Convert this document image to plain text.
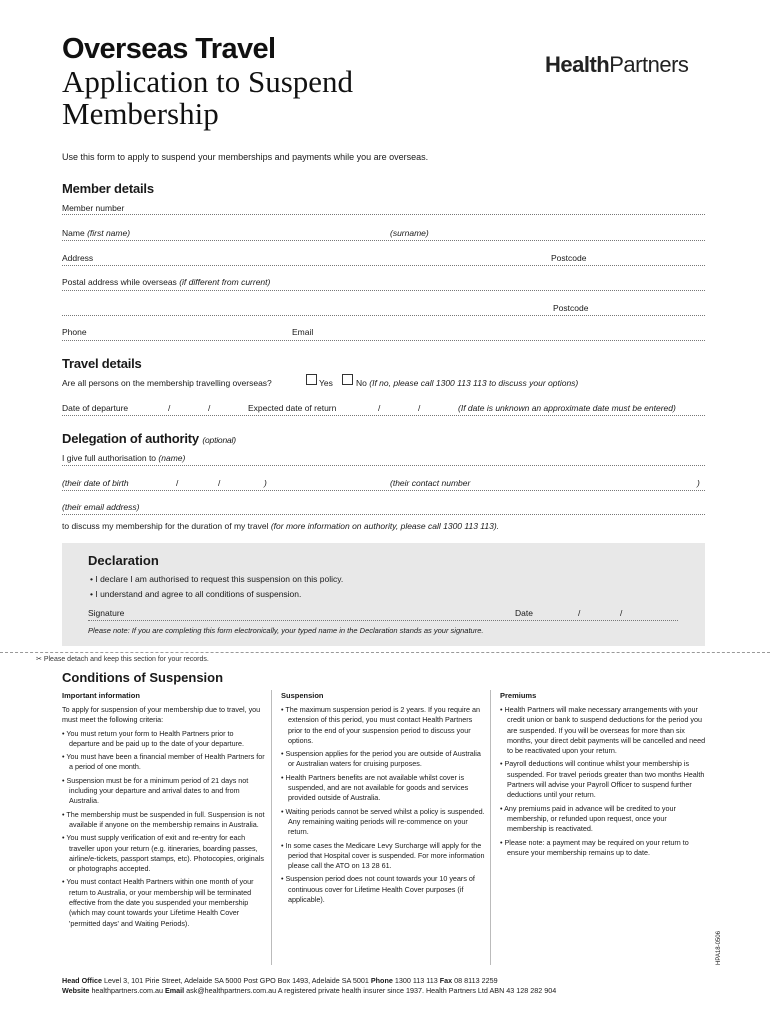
Overseas Travel
Application to Suspend Membership
HealthPartners
Use this form to apply to suspend your memberships and payments while you are overseas.
Member details
Member number
Name (first name)	(surname)
Address	Postcode
Postal address while overseas (if different from current)
Postcode
Phone	Email
Travel details
Are all persons on the membership travelling overseas?	Yes	No (If no, please call 1300 113 113 to discuss your options)
Date of departure	/	/	Expected date of return	/	/	(If date is unknown an approximate date must be entered)
Delegation of authority (optional)
I give full authorisation to (name)
(their date of birth	/	/	)	(their contact number	)
(their email address)
to discuss my membership for the duration of my travel (for more information on authority, please call 1300 113 113).
Declaration
• I declare I am authorised to request this suspension on this policy.
• I understand and agree to all conditions of suspension.
Signature	Date	/	/
Please note: If you are completing this form electronically, your typed name in the Declaration stands as your signature.
✂ Please detach and keep this section for your records.
Conditions of Suspension
Important information

To apply for suspension of your membership due to travel, you must meet the following criteria:

• You must return your form to Health Partners prior to departure and be paid up to the date of your departure.

• You must have been a financial member of Health Partners for a period of one month.

• Suspension must be for a minimum period of 21 days not including your departure and arrival dates to and from Australia.

• The membership must be suspended in full. Suspension is not available if anyone on the membership remains in Australia.

• You must supply verification of exit and re-entry for each traveller upon your return (e.g. itineraries, boarding passes, airline/e-tickets, passport stamps, etc). Photocopies, originals or photographs accepted.

• You must contact Health Partners within one month of your return to Australia, or your membership will be terminated effective from the date you suspended your membership (which may count towards your Lifetime Health Cover 'permitted days' and Waiting Periods).

Suspension

• The maximum suspension period is 2 years. If you require an extension of this period, you must contact Health Partners prior to the end of your suspension period to discuss your options.

• Suspension applies for the period you are outside of Australia or Australian waters for cruising purposes.

• Health Partners benefits are not available whilst cover is suspended, and are not available for goods and services provided outside of Australia.

• Waiting periods cannot be served whilst a policy is suspended. Any remaining waiting periods will re-commence on your return.

• In some cases the Medicare Levy Surcharge will apply for the period that Hospital cover is suspended. For more information please call the ATO on 13 28 61.

• Suspension period does not count towards your 10 years of continuous cover for Lifetime Health Cover purposes (if applicable).

Premiums

• Health Partners will make necessary arrangements with your credit union or bank to suspend deductions for the period you are suspended. If you will be overseas for more than six months, your direct debit payments will be cancelled and need to be reactivated upon your return.

• Payroll deductions will continue whilst your membership is suspended. For travel periods greater than two months Health Partners will advise your Payroll Officer to suspend further deductions until your return.

• Any premiums paid in advance will be credited to your membership, or refunded upon request, once your membership is reactivated.

• Please note: a payment may be required on your return to ensure your membership remains up to date.

Head Office Level 3, 101 Pirie Street, Adelaide SA 5000 Post GPO Box 1493, Adelaide SA 5001 Phone 1300 113 113 Fax 08 8113 2259
Website healthpartners.com.au Email ask@healthpartners.com.au A registered private health insurer since 1937. Health Partners Ltd ABN 43 128 282 904
HPA18-0506
